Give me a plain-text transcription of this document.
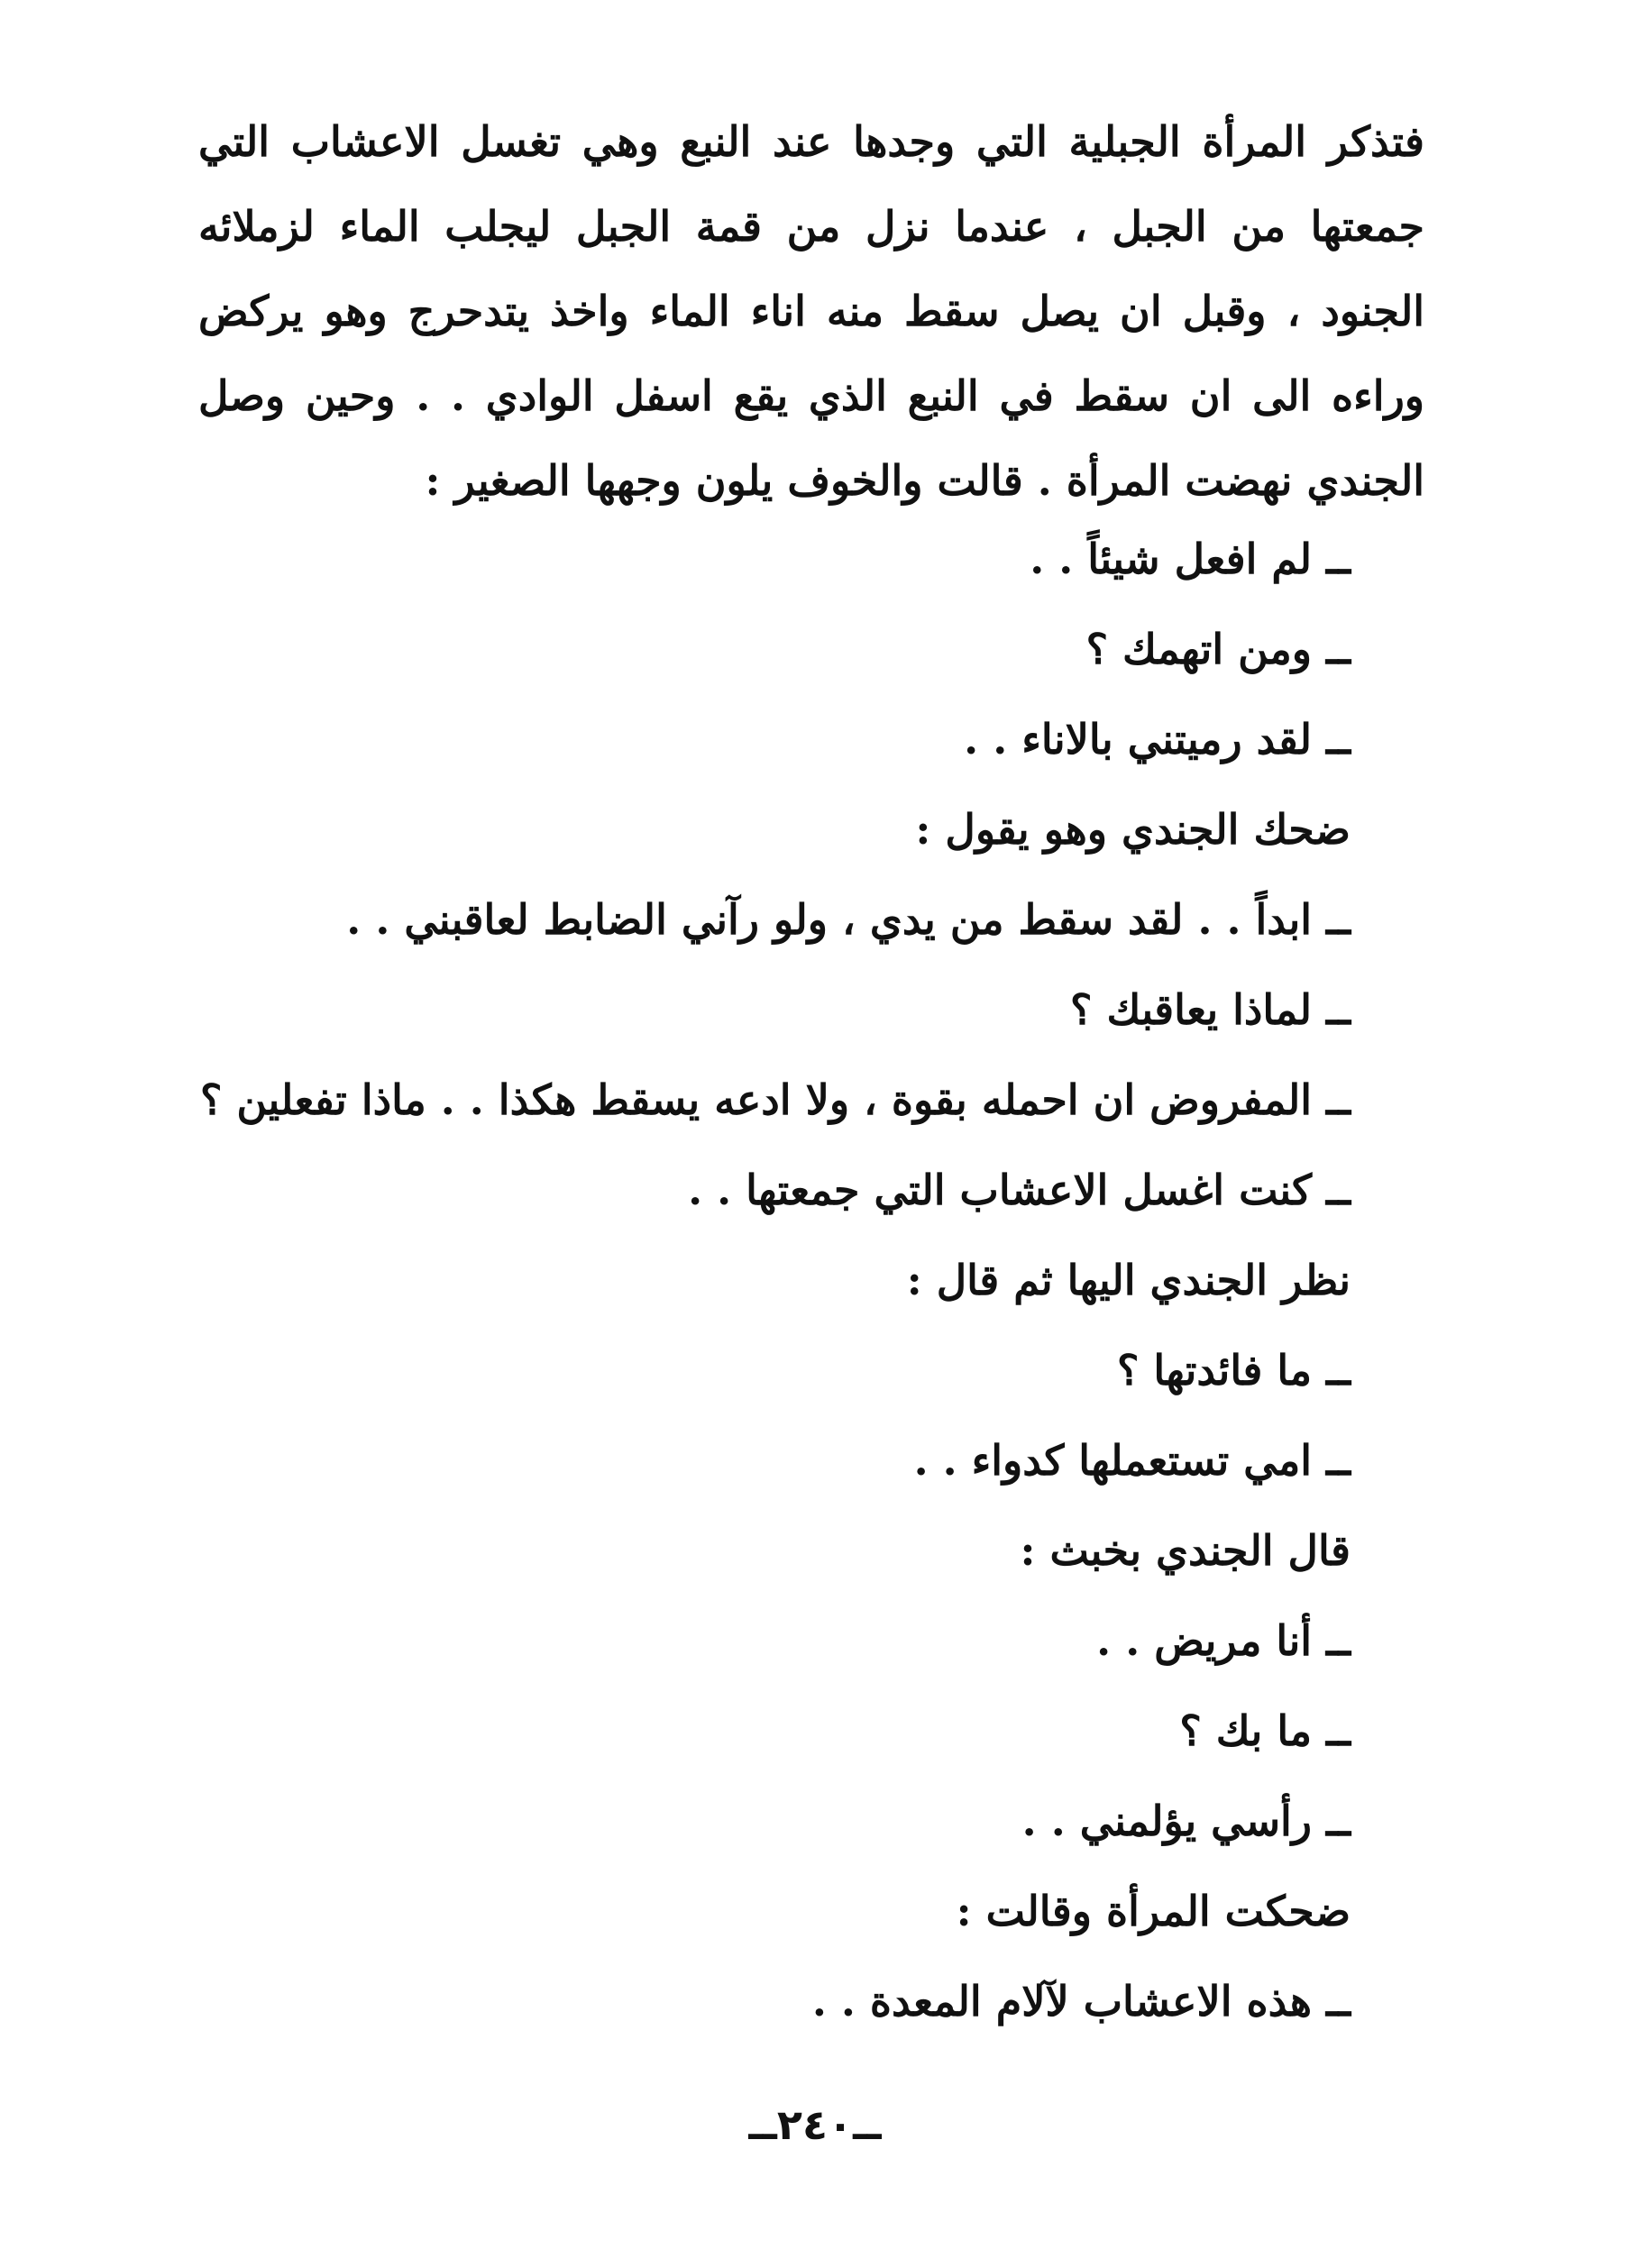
فتذكر المرأة الجبلية التي وجدها عند النبع وهي تغسل الاعشاب التي جمعتها من الجبل ، عندما نزل من قمة الجبل ليجلب الماء لزملائه الجنود ، وقبل ان يصل سقط منه اناء الماء واخذ يتدحرج وهو يركض وراءه الى ان سقط في النبع الذي يقع اسفل الوادي . . وحين وصل الجندي نهضت المرأة . قالت والخوف يلون وجهها الصغير :
ــ لم افعل شيئاً . .
ــ ومن اتهمك ؟
ــ لقد رميتني بالاناء . .
ضحك الجندي وهو يقول :
ــ ابداً . . لقد سقط من يدي ، ولو رآني الضابط لعاقبني . .
ــ لماذا يعاقبك ؟
ــ المفروض ان احمله بقوة ، ولا ادعه يسقط هكذا . . ماذا تفعلين ؟
ــ كنت اغسل الاعشاب التي جمعتها . .
نظر الجندي اليها ثم قال :
ــ ما فائدتها ؟
ــ امي تستعملها كدواء . .
قال الجندي بخبث :
ــ أنا مريض . .
ــ ما بك ؟
ــ رأسي يؤلمني . .
ضحكت المرأة وقالت :
ــ هذه الاعشاب لآلام المعدة . .
ــ٢٤٠ــ
